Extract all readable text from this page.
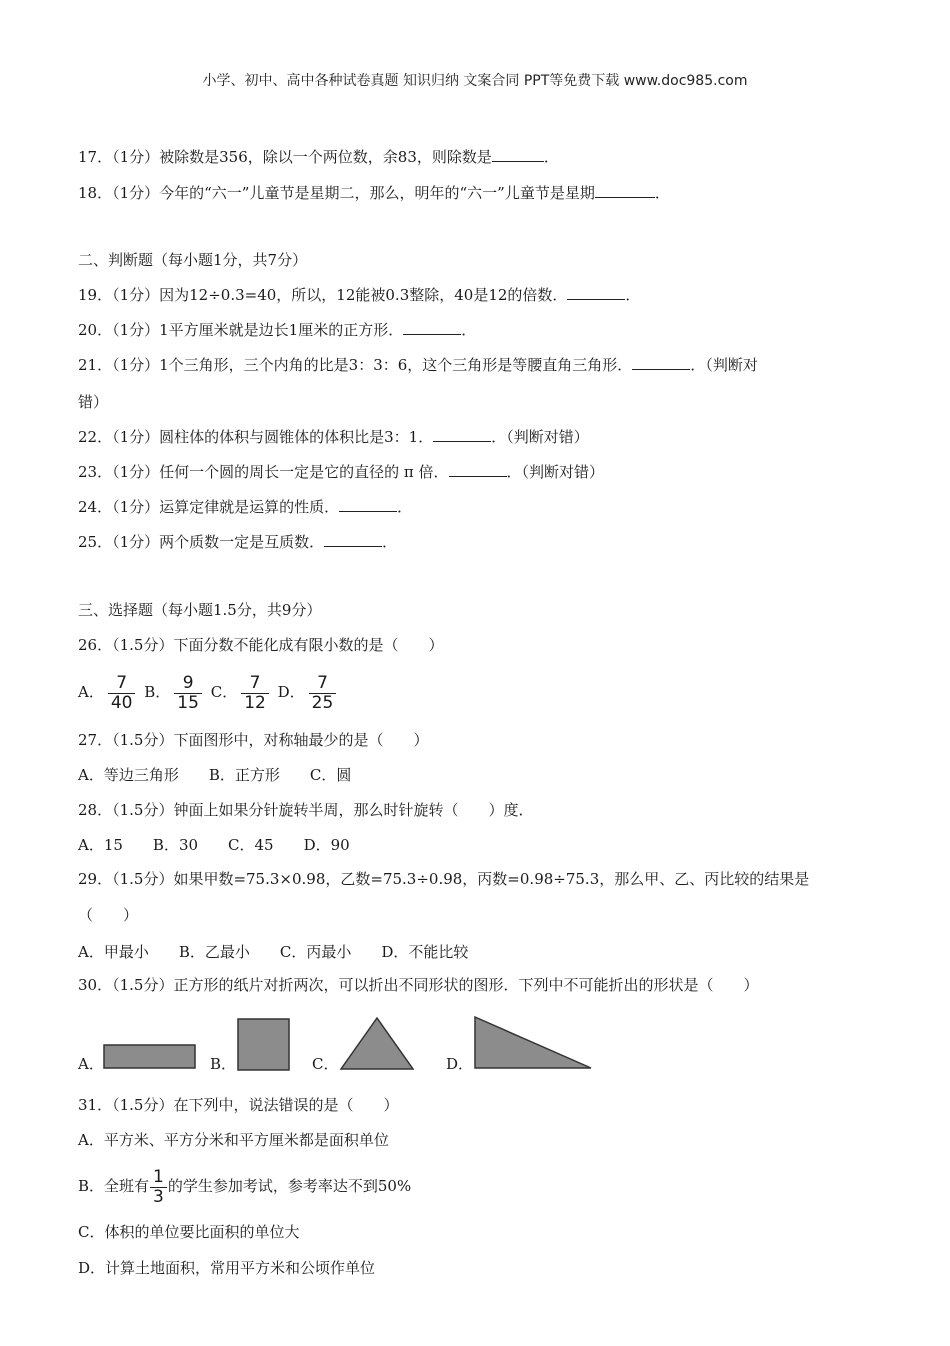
小学、初中、高中各种试卷真题 知识归纳 文案合同 PPT等免费下载 www.doc985.com
17．（1分）被除数是356，除以一个两位数，余83，则除数是	．
18．（1分）今年的“六一”儿童节是星期二，那么，明年的“六一”儿童节是星期	．
二、判断题（每小题1分，共7分）
19．（1分）因为12÷0.3=40，所以，12能被0.3整除，40是12的倍数．	．
20．（1分）1平方厘米就是边长1厘米的正方形．	．
21．（1分）1个三角形，三个内角的比是3：3：6，这个三角形是等腰直角三角形．	．（判断对
错）
22．（1分）圆柱体的体积与圆锥体的体积比是3：1．	．（判断对错）
23．（1分）任何一个圆的周长一定是它的直径的 π 倍．	．（判断对错）
24．（1分）运算定律就是运算的性质．	．
25．（1分）两个质数一定是互质数．	．
三、选择题（每小题1.5分，共9分）
26．（1.5分）下面分数不能化成有限小数的是（　　）
A． $\frac{7}{40}$ B． $\frac{9}{15}$ C． $\frac{7}{12}$ D． $\frac{7}{25}$
27．（1.5分）下面图形中，对称轴最少的是（　　）
A．等边三角形　　B．正方形　　C．圆
28．（1.5分）钟面上如果分针旋转半周，那么时针旋转（　　）度．
A．15　　B．30　　C．45　　D．90
29．（1.5分）如果甲数=75.3×0.98，乙数=75.3÷0.98，丙数=0.98÷75.3，那么甲、乙、丙比较的结果是
（　　）
A．甲最小　　B．乙最小　　C．丙最小　　D．不能比较
30．（1.5分）正方形的纸片对折两次，可以折出不同形状的图形．下列中不可能折出的形状是（　　）
A．	B．	C．	D．
31．（1.5分）在下列中，说法错误的是（　　）
A．平方米、平方分米和平方厘米都是面积单位
B．全班有 $\frac{1}{3}$ 的学生参加考试，参考率达不到50%
C．体积的单位要比面积的单位大
D．计算土地面积，常用平方米和公顷作单位
